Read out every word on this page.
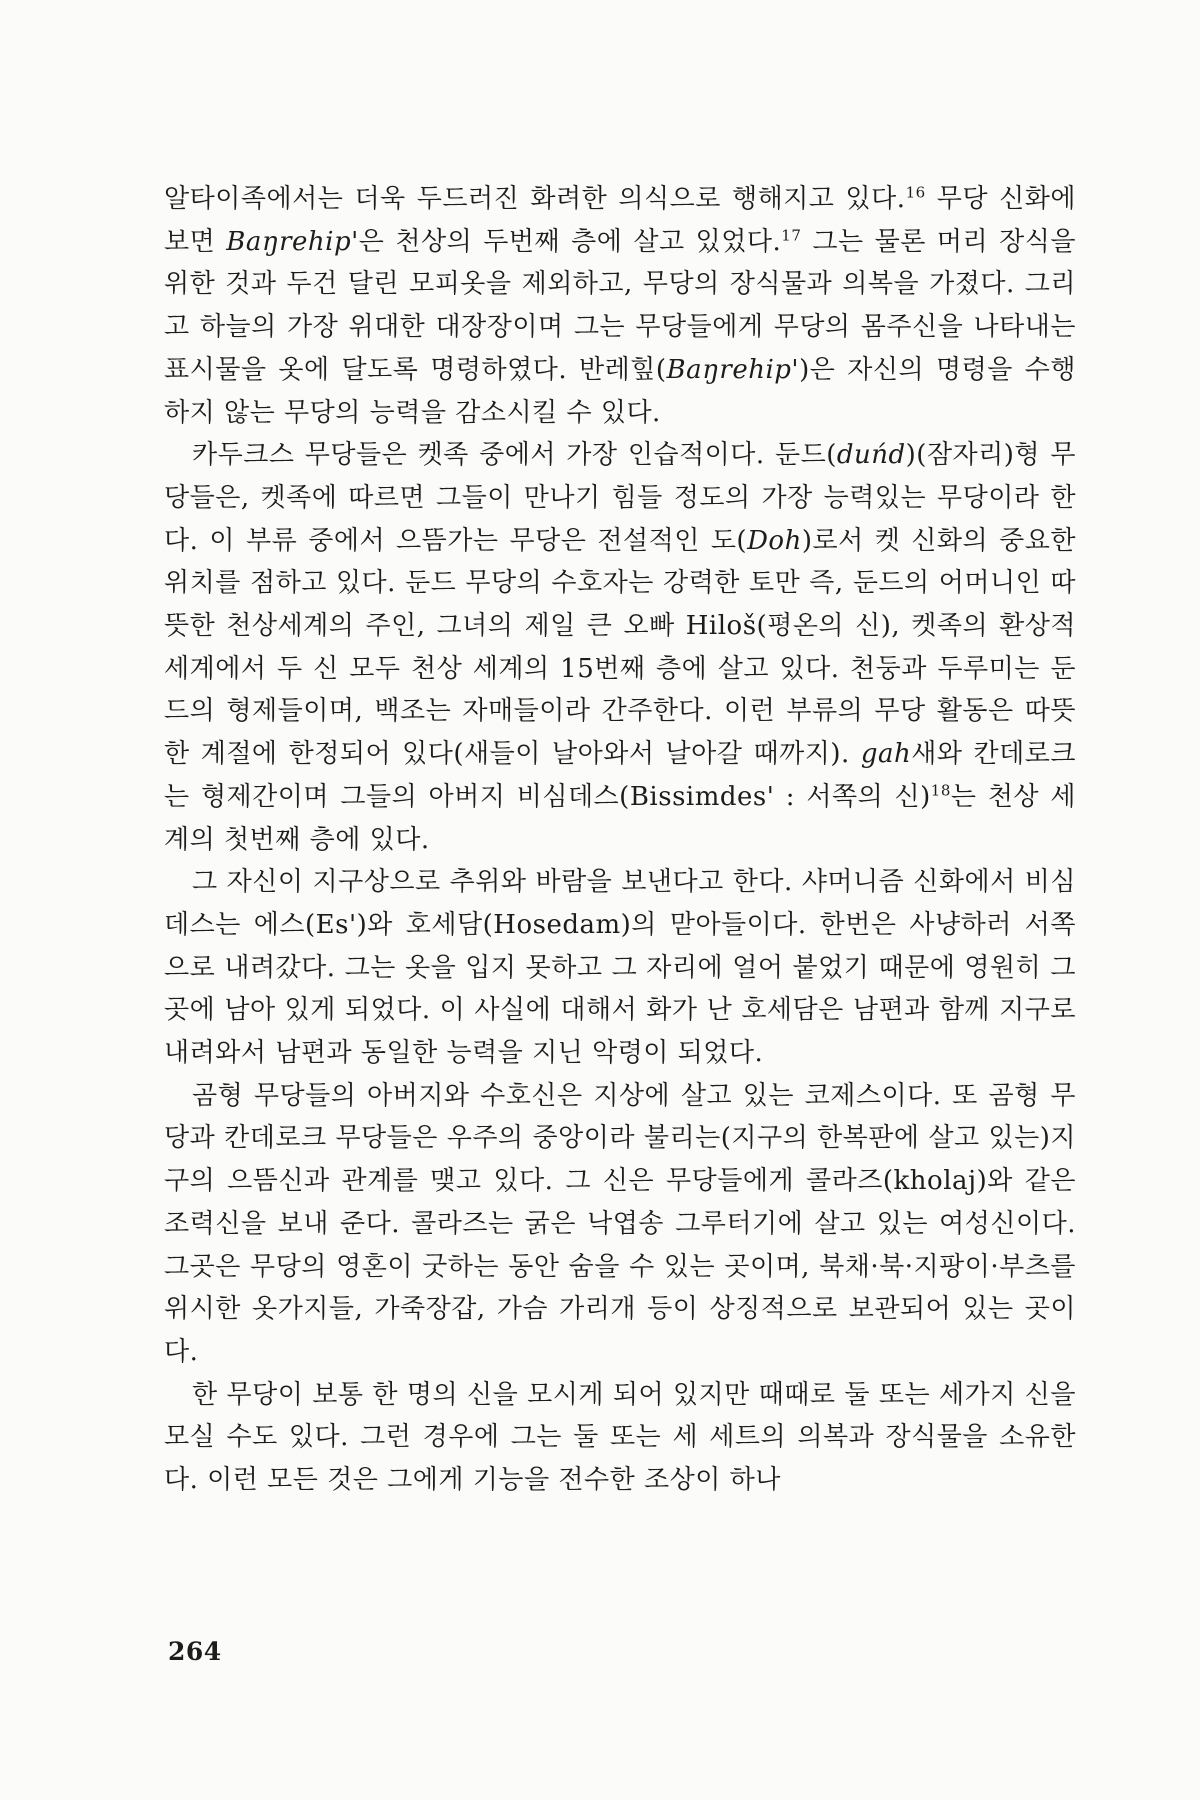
알타이족에서는 더욱 두드러진 화려한 의식으로 행해지고 있다.$^{16}$ 무당 신화에 보면 Baŋrehip'은 천상의 두번째 층에 살고 있었다.$^{17}$ 그는 물론 머리 장식을 위한 것과 두건 달린 모피옷을 제외하고, 무당의 장식물과 의복을 가졌다. 그리고 하늘의 가장 위대한 대장장이며 그는 무당들에게 무당의 몸주신을 나타내는 표시물을 옷에 달도록 명령하였다. 반레힢(Baŋrehip')은 자신의 명령을 수행하지 않는 무당의 능력을 감소시킬 수 있다.

카두크스 무당들은 켓족 중에서 가장 인습적이다. 둔드(duńd)(잠자리)형 무당들은, 켓족에 따르면 그들이 만나기 힘들 정도의 가장 능력있는 무당이라 한다. 이 부류 중에서 으뜸가는 무당은 전설적인 도(Doh)로서 켓 신화의 중요한 위치를 점하고 있다. 둔드 무당의 수호자는 강력한 토만 즉, 둔드의 어머니인 따뜻한 천상세계의 주인, 그녀의 제일 큰 오빠 Hiloš(평온의 신), 켓족의 환상적 세계에서 두 신 모두 천상 세계의 15번째 층에 살고 있다. 천둥과 두루미는 둔드의 형제들이며, 백조는 자매들이라 간주한다. 이런 부류의 무당 활동은 따뜻한 계절에 한정되어 있다(새들이 날아와서 날아갈 때까지). gah새와 칸데로크는 형제간이며 그들의 아버지 비심데스(Bissimdes' : 서쪽의 신)$^{18}$는 천상 세계의 첫번째 층에 있다.

그 자신이 지구상으로 추위와 바람을 보낸다고 한다. 샤머니즘 신화에서 비심데스는 에스(Es')와 호세담(Hosedam)의 맏아들이다. 한번은 사냥하러 서쪽으로 내려갔다. 그는 옷을 입지 못하고 그 자리에 얼어 붙었기 때문에 영원히 그곳에 남아 있게 되었다. 이 사실에 대해서 화가 난 호세담은 남편과 함께 지구로 내려와서 남편과 동일한 능력을 지닌 악령이 되었다.

곰형 무당들의 아버지와 수호신은 지상에 살고 있는 코제스이다. 또 곰형 무당과 칸데로크 무당들은 우주의 중앙이라 불리는(지구의 한복판에 살고 있는)지구의 으뜸신과 관계를 맺고 있다. 그 신은 무당들에게 콜라즈(kholaj)와 같은 조력신을 보내 준다. 콜라즈는 굵은 낙엽송 그루터기에 살고 있는 여성신이다. 그곳은 무당의 영혼이 굿하는 동안 숨을 수 있는 곳이며, 북채·북·지팡이·부츠를 위시한 옷가지들, 가죽장갑, 가슴 가리개 등이 상징적으로 보관되어 있는 곳이다.

한 무당이 보통 한 명의 신을 모시게 되어 있지만 때때로 둘 또는 세가지 신을 모실 수도 있다. 그런 경우에 그는 둘 또는 세 세트의 의복과 장식물을 소유한다. 이런 모든 것은 그에게 기능을 전수한 조상이 하나

264
